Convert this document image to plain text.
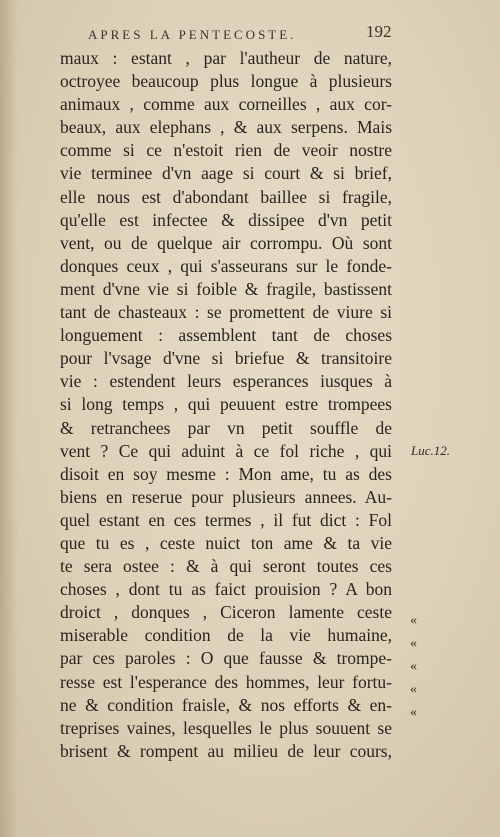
APRES LA PENTECOSTE.	192
maux : estant , par l'autheur de nature,
octroyee beaucoup plus longue à plusieurs
animaux , comme aux corneilles , aux cor-
beaux, aux elephans , & aux serpens. Mais
comme si ce n'estoit rien de veoir nostre
vie terminee d'vn aage si court & si brief,
elle nous est d'abondant baillee si fragile,
qu'elle est infectee & dissipee d'vn petit
vent, ou de quelque air corrompu. Où sont
donques ceux , qui s'asseurans sur le fonde-
ment d'vne vie si foible & fragile, bastissent
tant de chasteaux : se promettent de viure si
longuement : assemblent tant de choses
pour l'vsage d'vne si briefue & transitoire
vie : estendent leurs esperances iusques à
si long temps , qui peuuent estre trompees
& retranchees par vn petit souffle de
vent ? Ce qui aduint à ce fol riche , qui
disoit en soy mesme : Mon ame, tu as des
biens en reserue pour plusieurs annees. Au-
quel estant en ces termes , il fut dict : Fol
que tu es , ceste nuict ton ame & ta vie
te sera ostee : & à qui seront toutes ces
choses , dont tu as faict prouision ? A bon
droict , donques , Ciceron lamente ceste
miserable condition de la vie humaine,
par ces paroles : O que fausse & trompe-
resse est l'esperance des hommes, leur fortu-
ne & condition fraisle, & nos efforts & en-
treprises vaines, lesquelles le plus souuent se
brisent & rompent au milieu de leur cours,
Luc.12.
«
«
«
«
«
